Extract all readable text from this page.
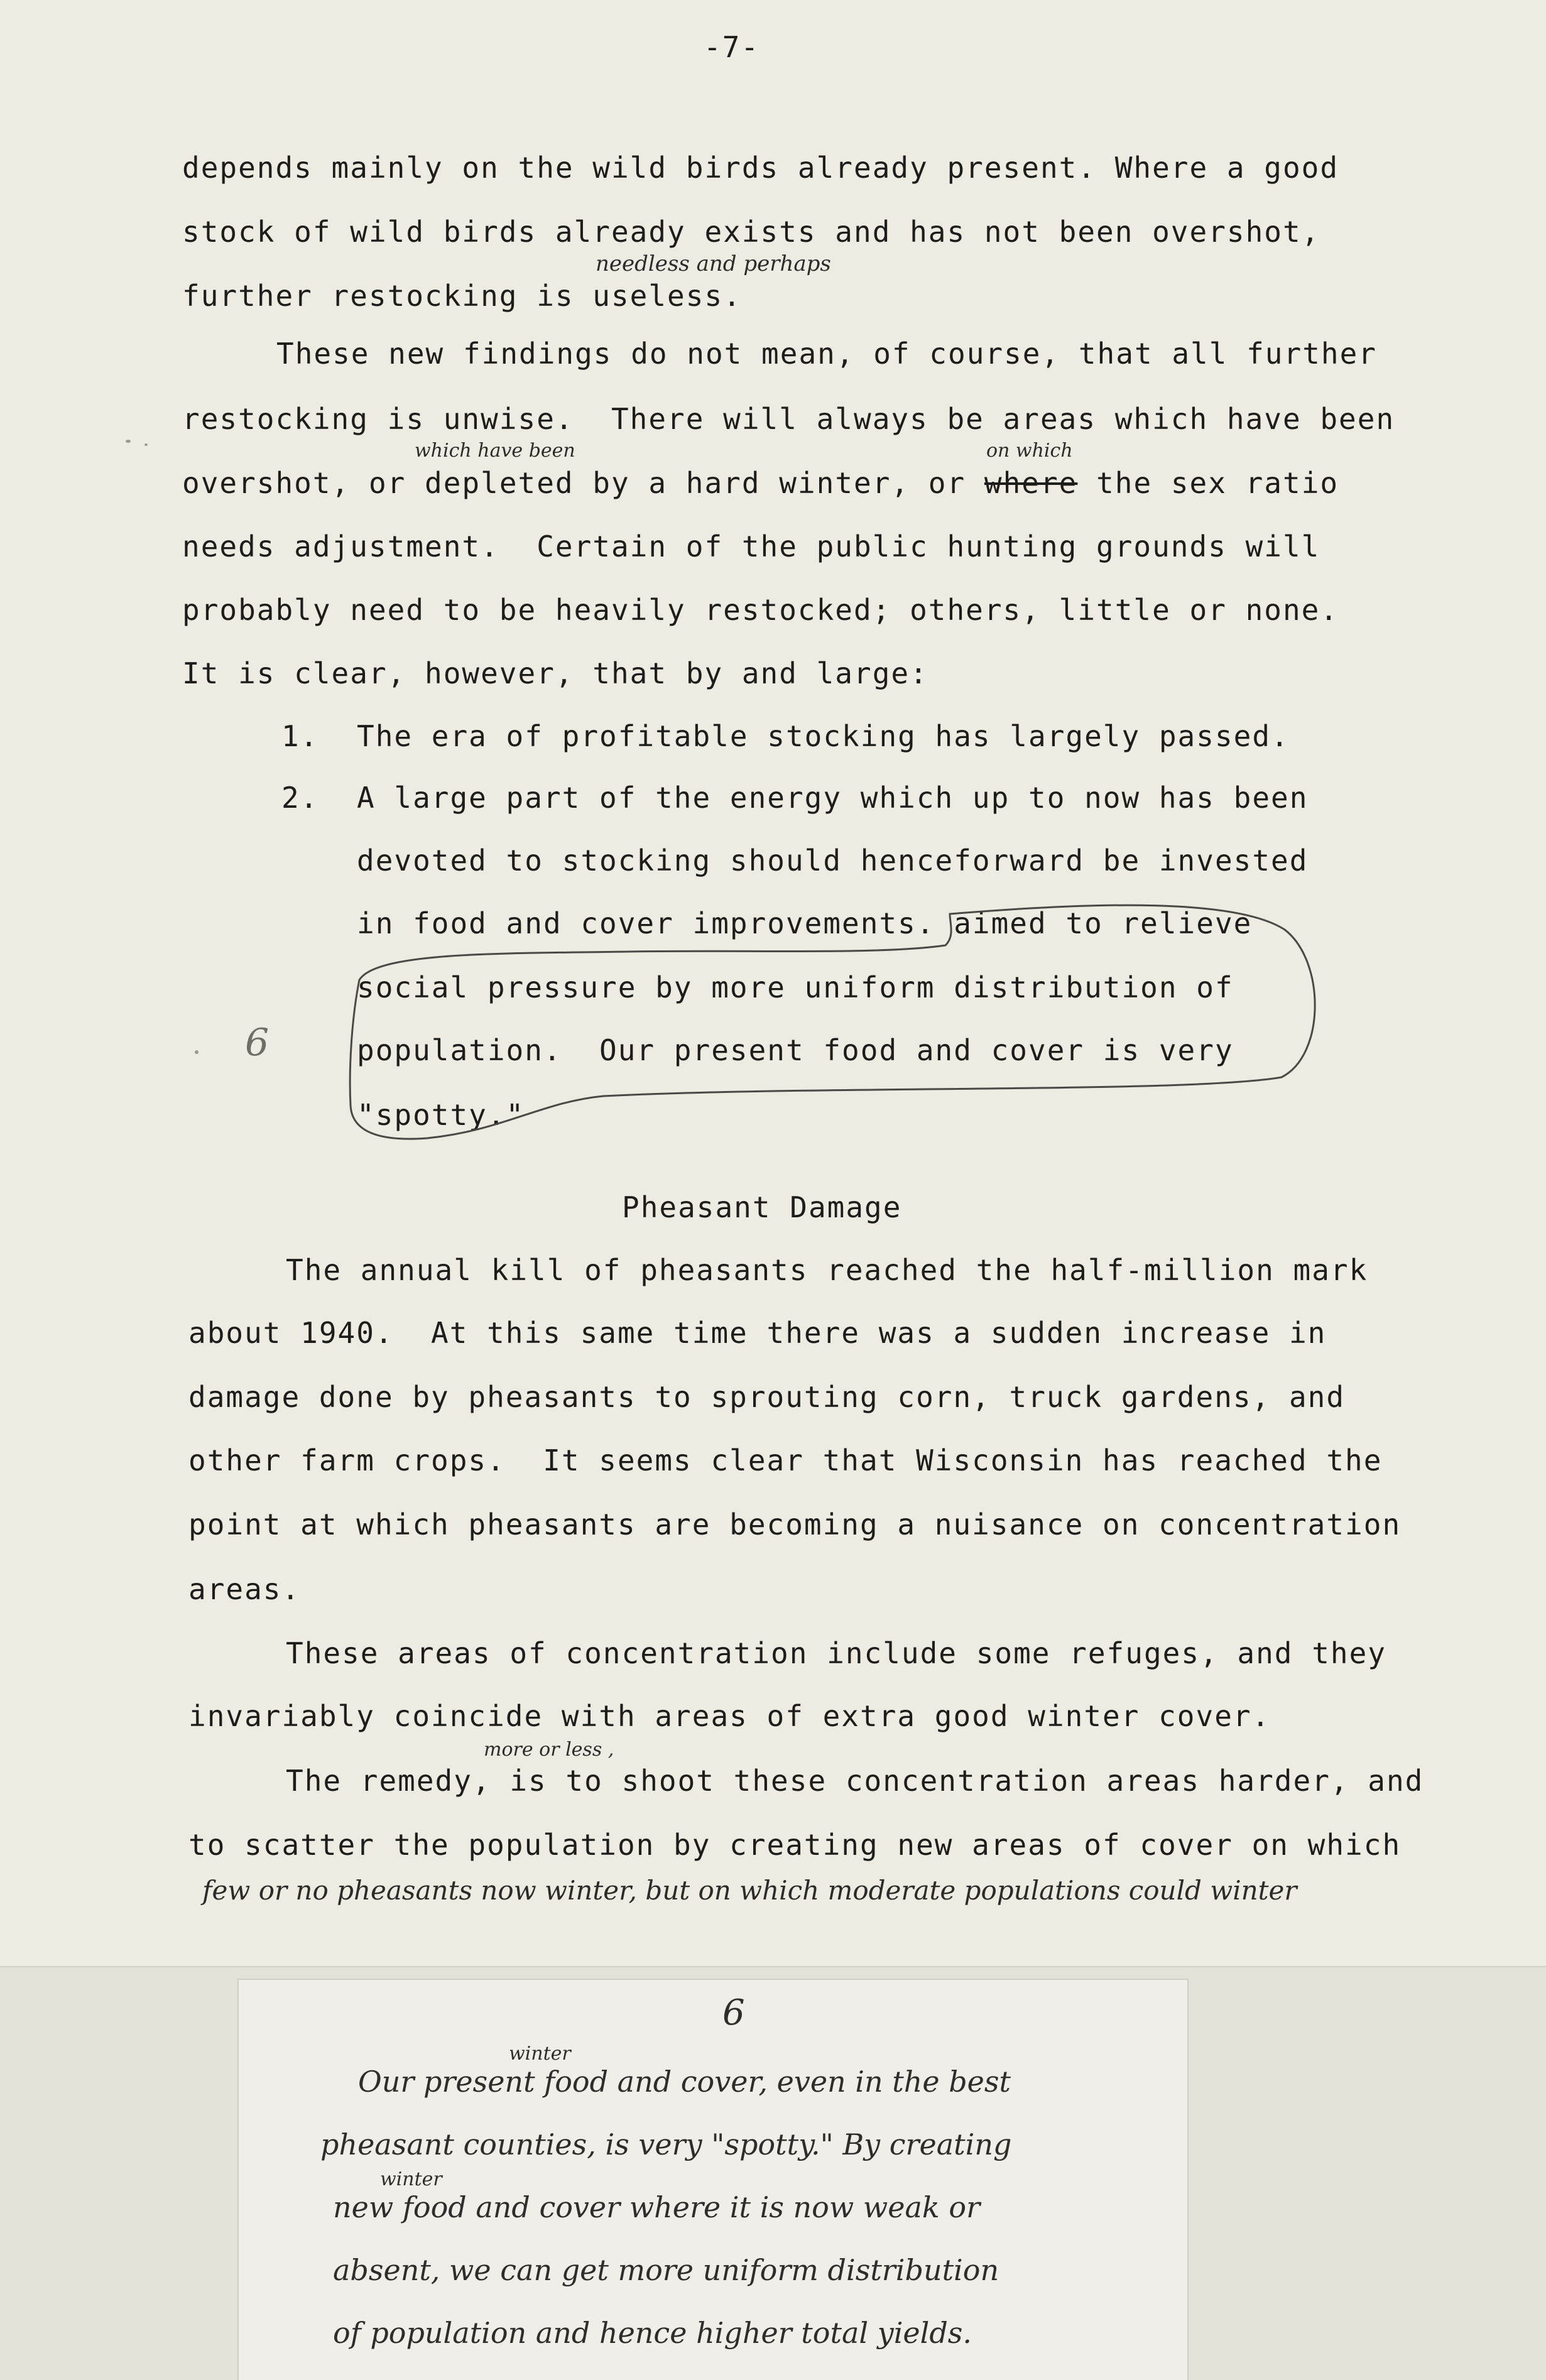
-7-
depends mainly on the wild birds already present. Where a good
stock of wild birds already exists and has not been overshot,
further restocking is useless.
needless and perhaps
These new findings do not mean, of course, that all further
restocking is unwise.  There will always be areas which have been
overshot, or depleted by a hard winter, or where the sex ratio
which have been	on which
needs adjustment.  Certain of the public hunting grounds will
probably need to be heavily restocked; others, little or none.
It is clear, however, that by and large:
1. The era of profitable stocking has largely passed.
2. A large part of the energy which up to now has been
devoted to stocking should henceforward be invested
in food and cover improvements. aimed to relieve
social pressure by more uniform distribution of
population.  Our present food and cover is very
"spotty."
6
Pheasant Damage
The annual kill of pheasants reached the half-million mark
about 1940.  At this same time there was a sudden increase in
damage done by pheasants to sprouting corn, truck gardens, and
other farm crops.  It seems clear that Wisconsin has reached the
point at which pheasants are becoming a nuisance on concentration
areas.
These areas of concentration include some refuges, and they
invariably coincide with areas of extra good winter cover.
The remedy, is to shoot these concentration areas harder, and
more or less ,
to scatter the population by creating new areas of cover on which
few or no pheasants now winter, but on which moderate populations could winter
6
winter
Our present food and cover, even in the best
pheasant counties, is very "spotty." By creating
winter
new food and cover where it is now weak or
absent, we can get more uniform distribution
of population and hence higher total yields.
